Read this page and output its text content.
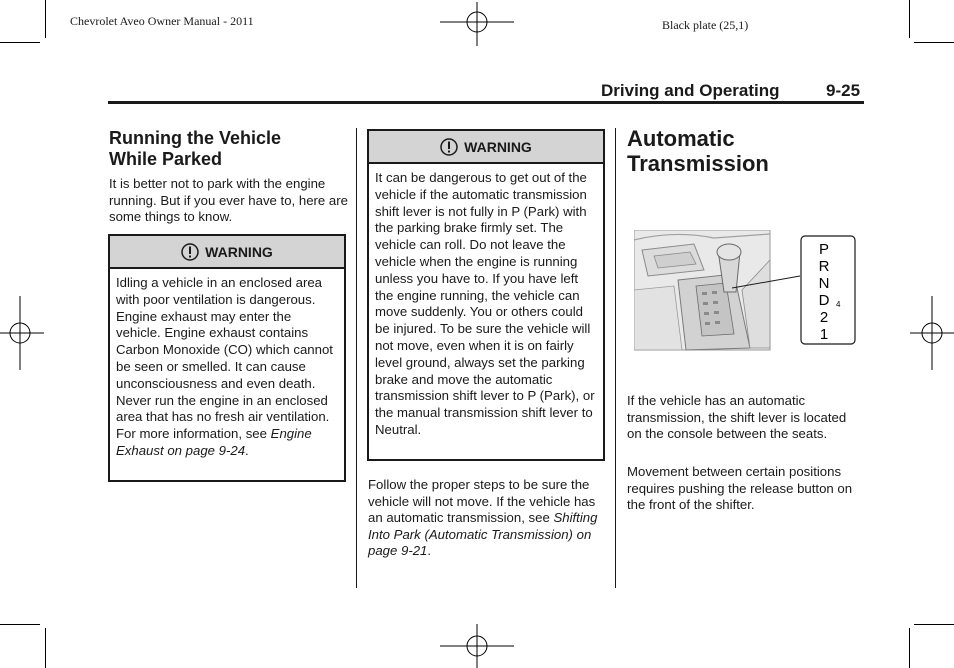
Chevrolet Aveo Owner Manual - 2011	Black plate (25,1)
Driving and Operating	9-25
Running the Vehicle
While Parked
It is better not to park with the engine running. But if you ever have to, here are some things to know.
WARNING
Idling a vehicle in an enclosed area with poor ventilation is dangerous. Engine exhaust may enter the vehicle. Engine exhaust contains Carbon Monoxide (CO) which cannot be seen or smelled. It can cause unconsciousness and even death. Never run the engine in an enclosed area that has no fresh air ventilation. For more information, see Engine Exhaust on page 9-24.
WARNING
It can be dangerous to get out of the vehicle if the automatic transmission shift lever is not fully in P (Park) with the parking brake firmly set. The vehicle can roll. Do not leave the vehicle when the engine is running unless you have to. If you have left the engine running, the vehicle can move suddenly. You or others could be injured. To be sure the vehicle will not move, even when it is on fairly level ground, always set the parking brake and move the automatic transmission shift lever to P (Park), or the manual transmission shift lever to Neutral.
Follow the proper steps to be sure the vehicle will not move. If the vehicle has an automatic transmission, see Shifting Into Park (Automatic Transmission) on page 9-21.
Automatic
Transmission
P
R
N
D 4
2
1
If the vehicle has an automatic transmission, the shift lever is located on the console between the seats.
Movement between certain positions requires pushing the release button on the front of the shifter.
